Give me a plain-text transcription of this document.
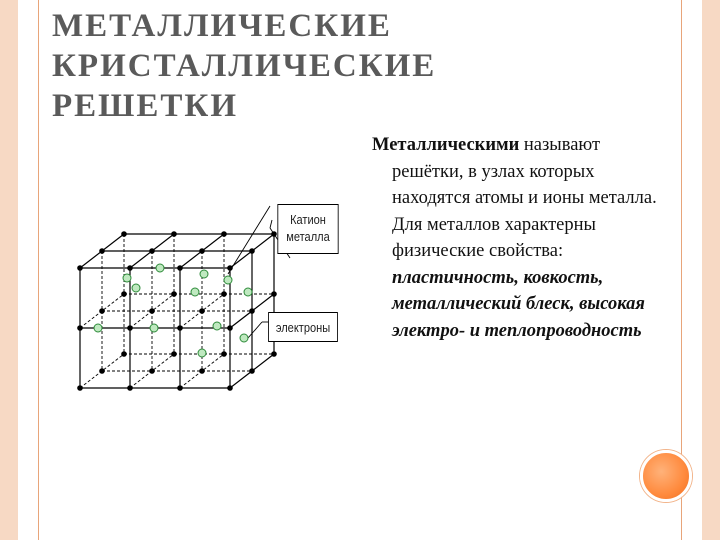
МЕТАЛЛИЧЕСКИЕ
КРИСТАЛЛИЧЕСКИЕ
РЕШЕТКИ
Металлическими называют решётки, в узлах которых находятся атомы и ионы металла. Для металлов характерны физические свойства: пластичность, ковкость, металлический блеск, высокая электро- и теплопроводность
Катион
металла
электроны
